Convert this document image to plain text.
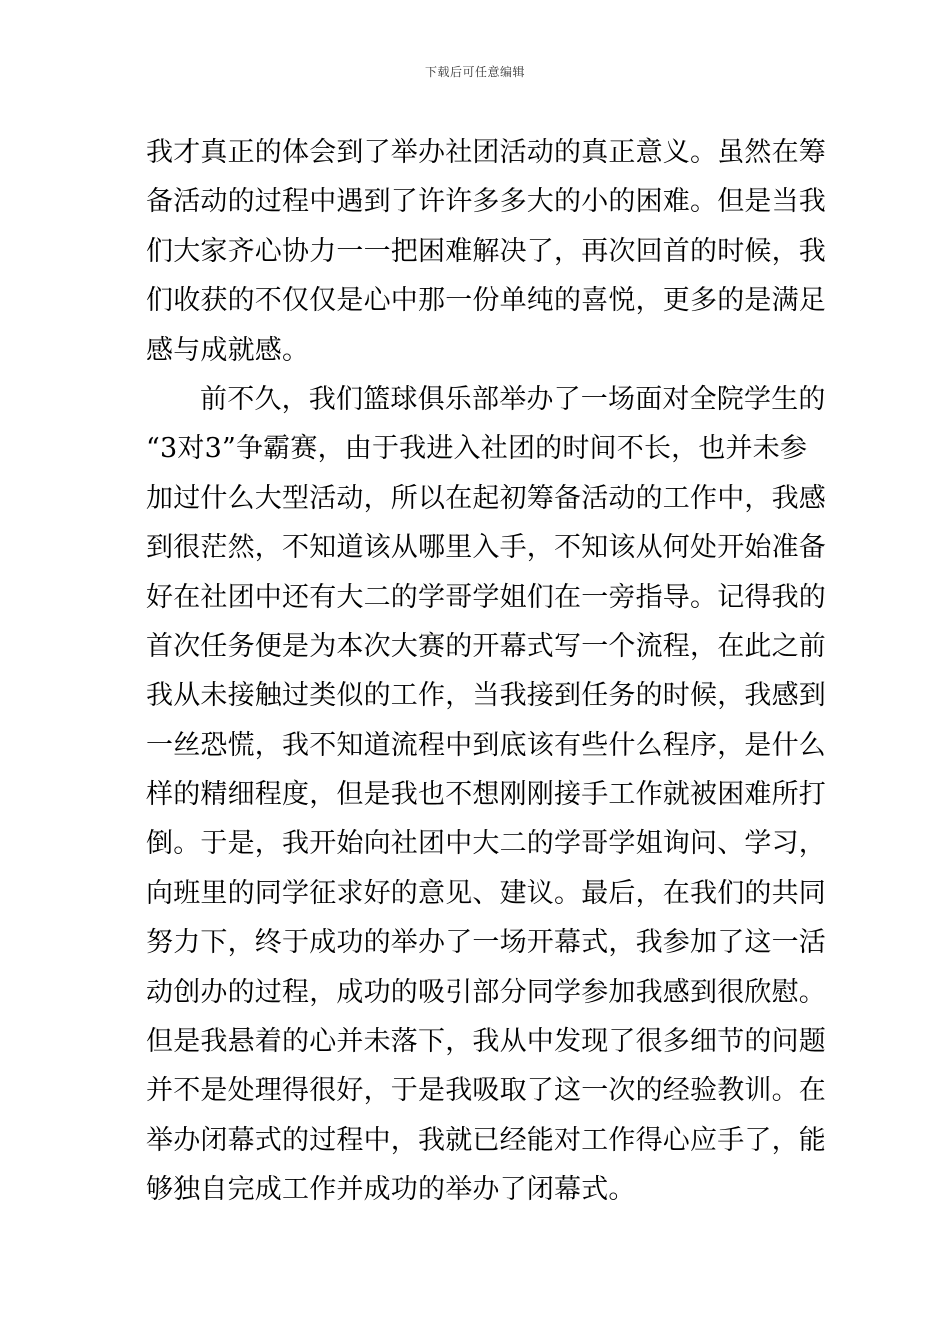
下载后可任意编辑
我才真正的体会到了举办社团活动的真正意义。虽然在筹
备活动的过程中遇到了许许多多大的小的困难。但是当我
们大家齐心协力一一把困难解决了，再次回首的时候，我
们收获的不仅仅是心中那一份单纯的喜悦，更多的是满足
感与成就感。
前不久，我们篮球俱乐部举办了一场面对全院学生的
“3对3”争霸赛，由于我进入社团的时间不长，也并未参
加过什么大型活动，所以在起初筹备活动的工作中，我感
到很茫然，不知道该从哪里入手，不知该从何处开始准备
好在社团中还有大二的学哥学姐们在一旁指导。记得我的
首次任务便是为本次大赛的开幕式写一个流程，在此之前
我从未接触过类似的工作，当我接到任务的时候，我感到
一丝恐慌，我不知道流程中到底该有些什么程序，是什么
样的精细程度，但是我也不想刚刚接手工作就被困难所打
倒。于是，我开始向社团中大二的学哥学姐询问、学习，
向班里的同学征求好的意见、建议。最后，在我们的共同
努力下，终于成功的举办了一场开幕式，我参加了这一活
动创办的过程，成功的吸引部分同学参加我感到很欣慰。
但是我悬着的心并未落下，我从中发现了很多细节的问题
并不是处理得很好，于是我吸取了这一次的经验教训。在
举办闭幕式的过程中，我就已经能对工作得心应手了，能
够独自完成工作并成功的举办了闭幕式。
